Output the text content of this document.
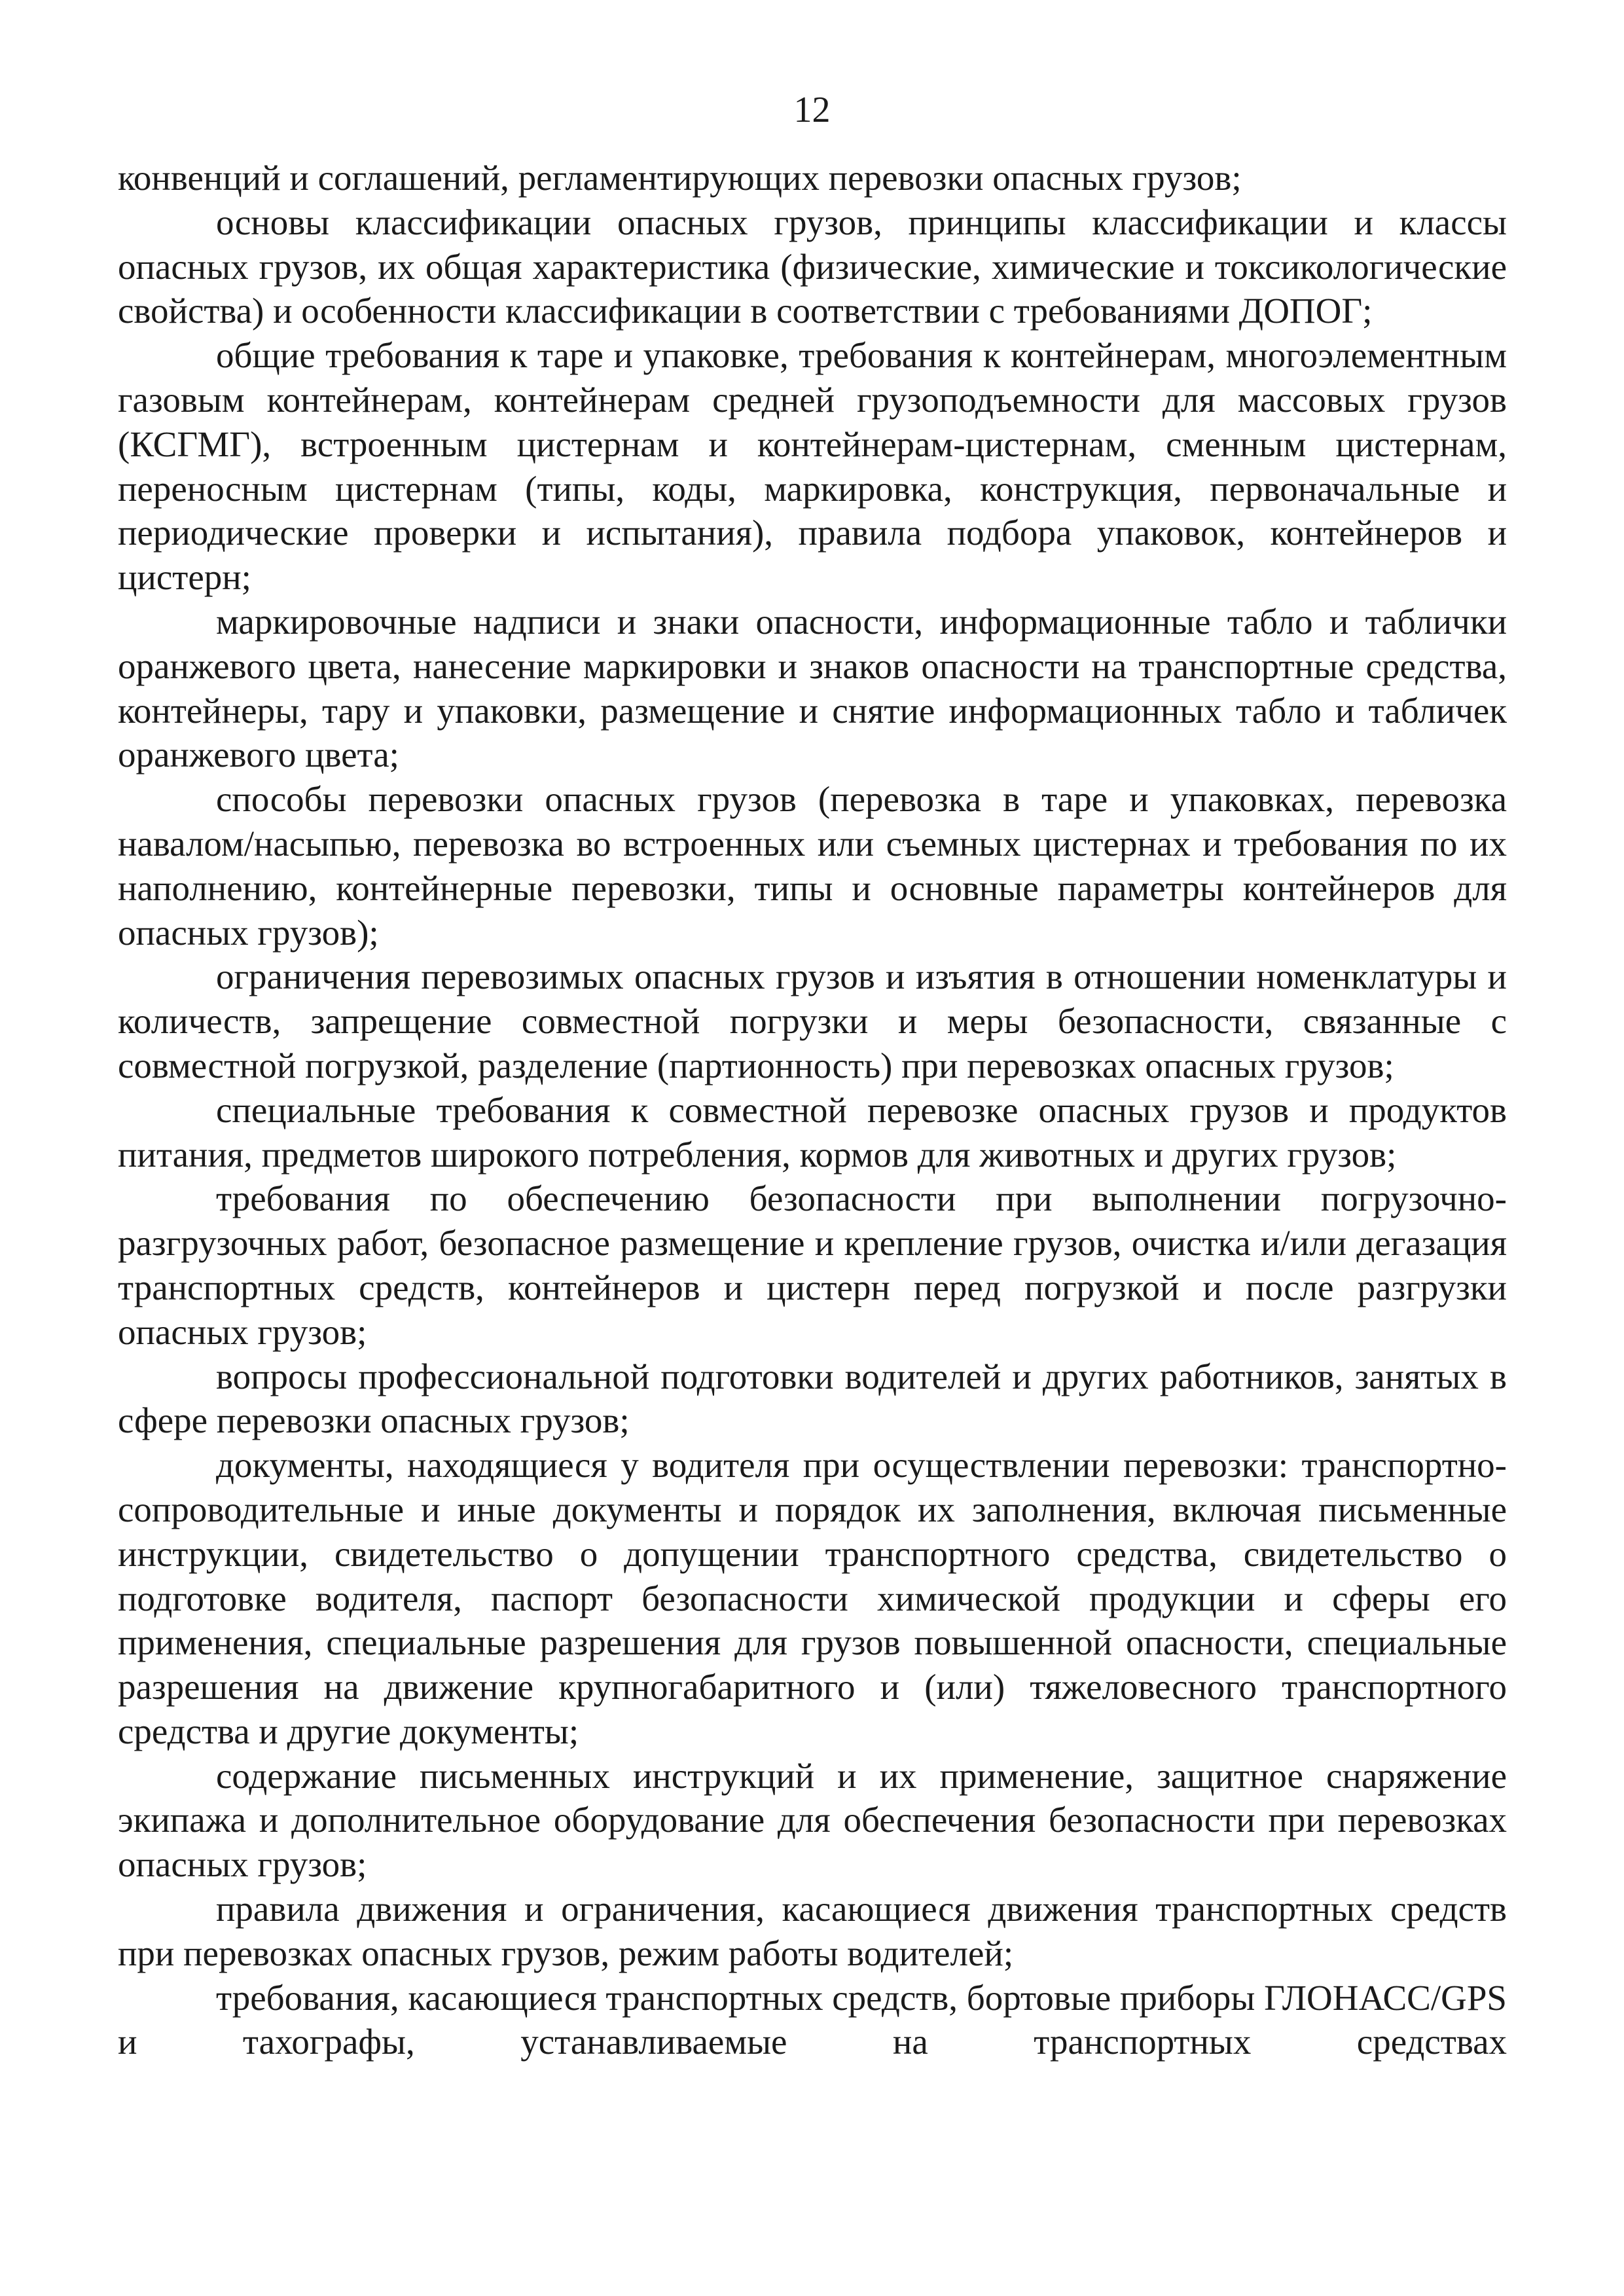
12

конвенций и соглашений, регламентирующих перевозки опасных грузов;

основы классификации опасных грузов, принципы классификации и классы опасных грузов, их общая характеристика (физические, химические и токсикологические свойства) и особенности классификации в соответствии с требованиями ДОПОГ;

общие требования к таре и упаковке, требования к контейнерам, многоэлементным газовым контейнерам, контейнерам средней грузоподъемности для массовых грузов (КСГМГ), встроенным цистернам и контейнерам-цистернам, сменным цистернам, переносным цистернам (типы, коды, маркировка, конструкция, первоначальные и периодические проверки и испытания), правила подбора упаковок, контейнеров и цистерн;

маркировочные надписи и знаки опасности, информационные табло и таблички оранжевого цвета, нанесение маркировки и знаков опасности на транспортные средства, контейнеры, тару и упаковки, размещение и снятие информационных табло и табличек оранжевого цвета;

способы перевозки опасных грузов (перевозка в таре и упаковках, перевозка навалом/насыпью, перевозка во встроенных или съемных цистернах и требования по их наполнению, контейнерные перевозки, типы и основные параметры контейнеров для опасных грузов);

ограничения перевозимых опасных грузов и изъятия в отношении номенклатуры и количеств, запрещение совместной погрузки и меры безопасности, связанные с совместной погрузкой, разделение (партионность) при перевозках опасных грузов;

специальные требования к совместной перевозке опасных грузов и продуктов питания, предметов широкого потребления, кормов для животных и других грузов;

требования по обеспечению безопасности при выполнении погрузочно-разгрузочных работ, безопасное размещение и крепление грузов, очистка и/или дегазация транспортных средств, контейнеров и цистерн перед погрузкой и после разгрузки опасных грузов;

вопросы профессиональной подготовки водителей и других работников, занятых в сфере перевозки опасных грузов;

документы, находящиеся у водителя при осуществлении перевозки: транспортно-сопроводительные и иные документы и порядок их заполнения, включая письменные инструкции, свидетельство о допущении транспортного средства, свидетельство о подготовке водителя, паспорт безопасности химической продукции и сферы его применения, специальные разрешения для грузов повышенной опасности, специальные разрешения на движение крупногабаритного и (или) тяжеловесного транспортного средства и другие документы;

содержание письменных инструкций и их применение, защитное снаряжение экипажа и дополнительное оборудование для обеспечения безопасности при перевозках опасных грузов;

правила движения и ограничения, касающиеся движения транспортных средств при перевозках опасных грузов, режим работы водителей;

требования, касающиеся транспортных средств, бортовые приборы ГЛОНАСС/GPS и тахографы, устанавливаемые на транспортных средствах
